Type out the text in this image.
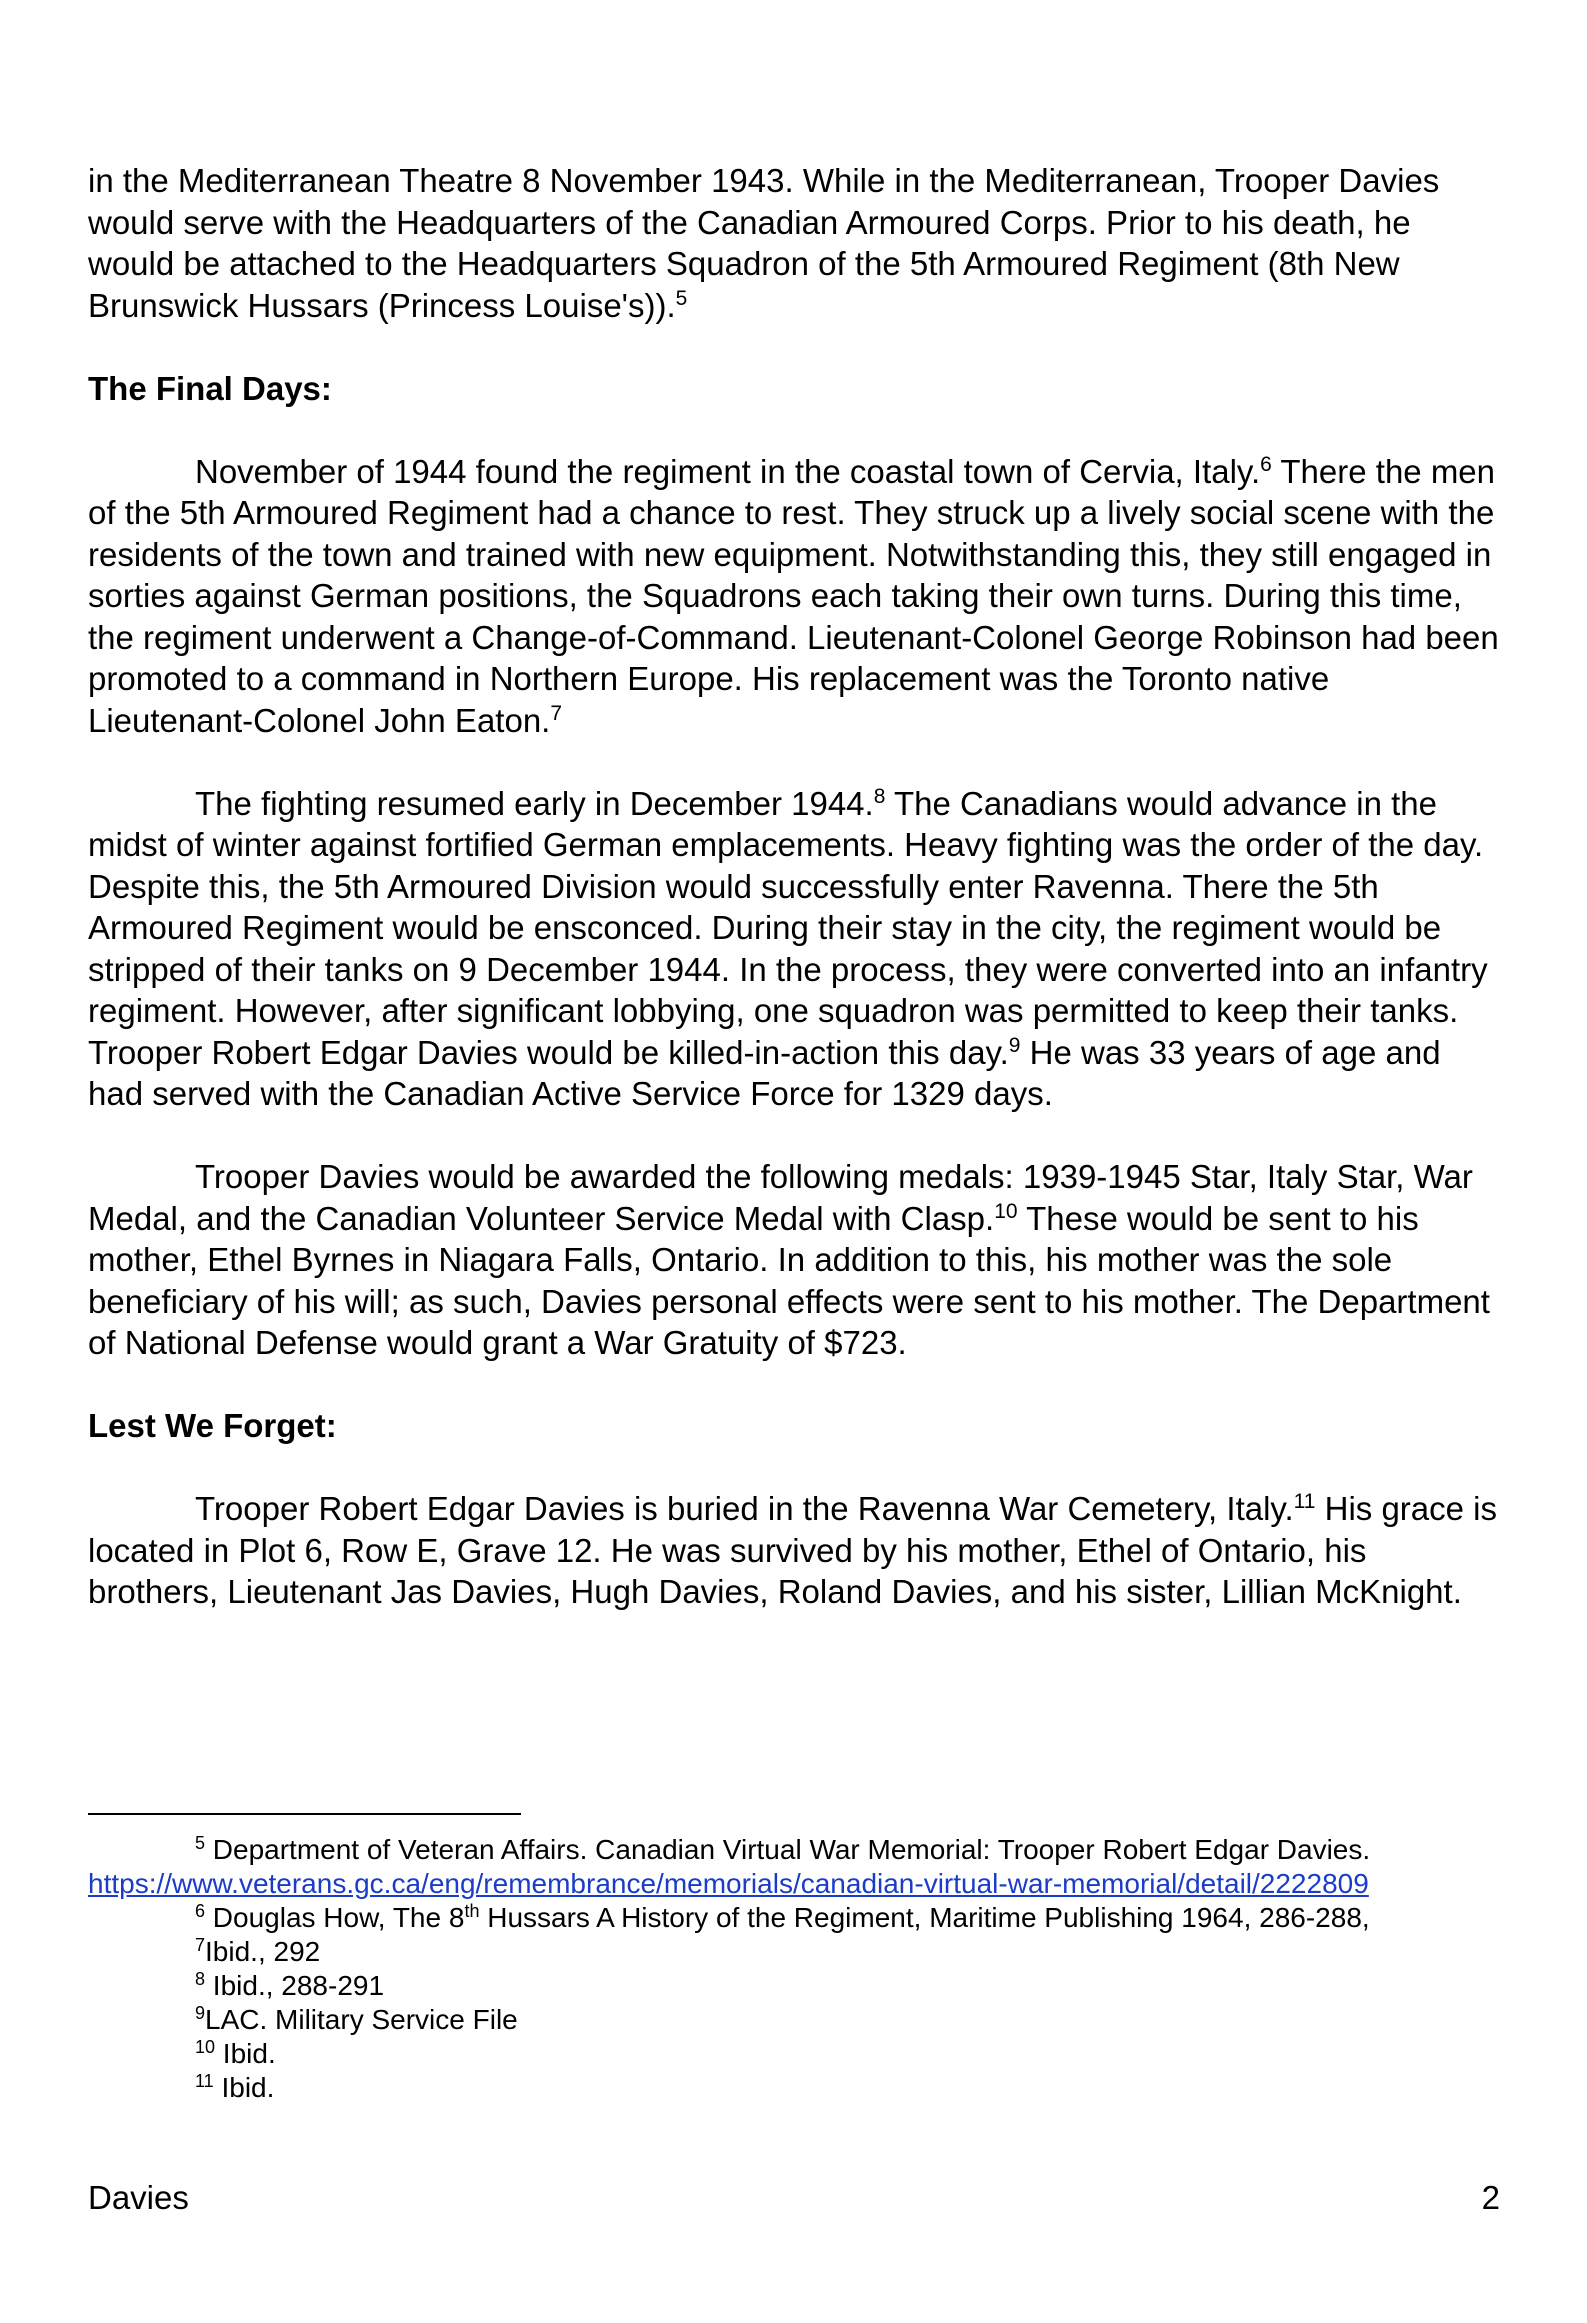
in the Mediterranean Theatre 8 November 1943. While in the Mediterranean, Trooper Davies would serve with the Headquarters of the Canadian Armoured Corps. Prior to his death, he would be attached to the Headquarters Squadron of the 5th Armoured Regiment (8th New Brunswick Hussars (Princess Louise's)).$^5$

The Final Days:

November of 1944 found the regiment in the coastal town of Cervia, Italy.$^6$ There the men of the 5th Armoured Regiment had a chance to rest. They struck up a lively social scene with the residents of the town and trained with new equipment. Notwithstanding this, they still engaged in sorties against German positions, the Squadrons each taking their own turns. During this time, the regiment underwent a Change-of-Command. Lieutenant-Colonel George Robinson had been promoted to a command in Northern Europe. His replacement was the Toronto native Lieutenant-Colonel John Eaton.$^7$

The fighting resumed early in December 1944.$^8$ The Canadians would advance in the midst of winter against fortified German emplacements. Heavy fighting was the order of the day. Despite this, the 5th Armoured Division would successfully enter Ravenna. There the 5th Armoured Regiment would be ensconced. During their stay in the city, the regiment would be stripped of their tanks on 9 December 1944. In the process, they were converted into an infantry regiment. However, after significant lobbying, one squadron was permitted to keep their tanks. Trooper Robert Edgar Davies would be killed-in-action this day.$^9$ He was 33 years of age and had served with the Canadian Active Service Force for 1329 days.

Trooper Davies would be awarded the following medals: 1939-1945 Star, Italy Star, War Medal, and the Canadian Volunteer Service Medal with Clasp.$^{10}$ These would be sent to his mother, Ethel Byrnes in Niagara Falls, Ontario. In addition to this, his mother was the sole beneficiary of his will; as such, Davies personal effects were sent to his mother. The Department of National Defense would grant a War Gratuity of $723.

Lest We Forget:

Trooper Robert Edgar Davies is buried in the Ravenna War Cemetery, Italy.$^{11}$ His grace is located in Plot 6, Row E, Grave 12. He was survived by his mother, Ethel of Ontario, his brothers, Lieutenant Jas Davies, Hugh Davies, Roland Davies, and his sister, Lillian McKnight.

$^5$ Department of Veteran Affairs. Canadian Virtual War Memorial: Trooper Robert Edgar Davies.

https://www.veterans.gc.ca/eng/remembrance/memorials/canadian-virtual-war-memorial/detail/2222809

$^6$ Douglas How, The 8th Hussars A History of the Regiment, Maritime Publishing 1964, 286-288,

$^7$Ibid., 292

$^8$ Ibid., 288-291

$^9$LAC. Military Service File

$^{10}$ Ibid.

$^{11}$ Ibid.

Davies	2
